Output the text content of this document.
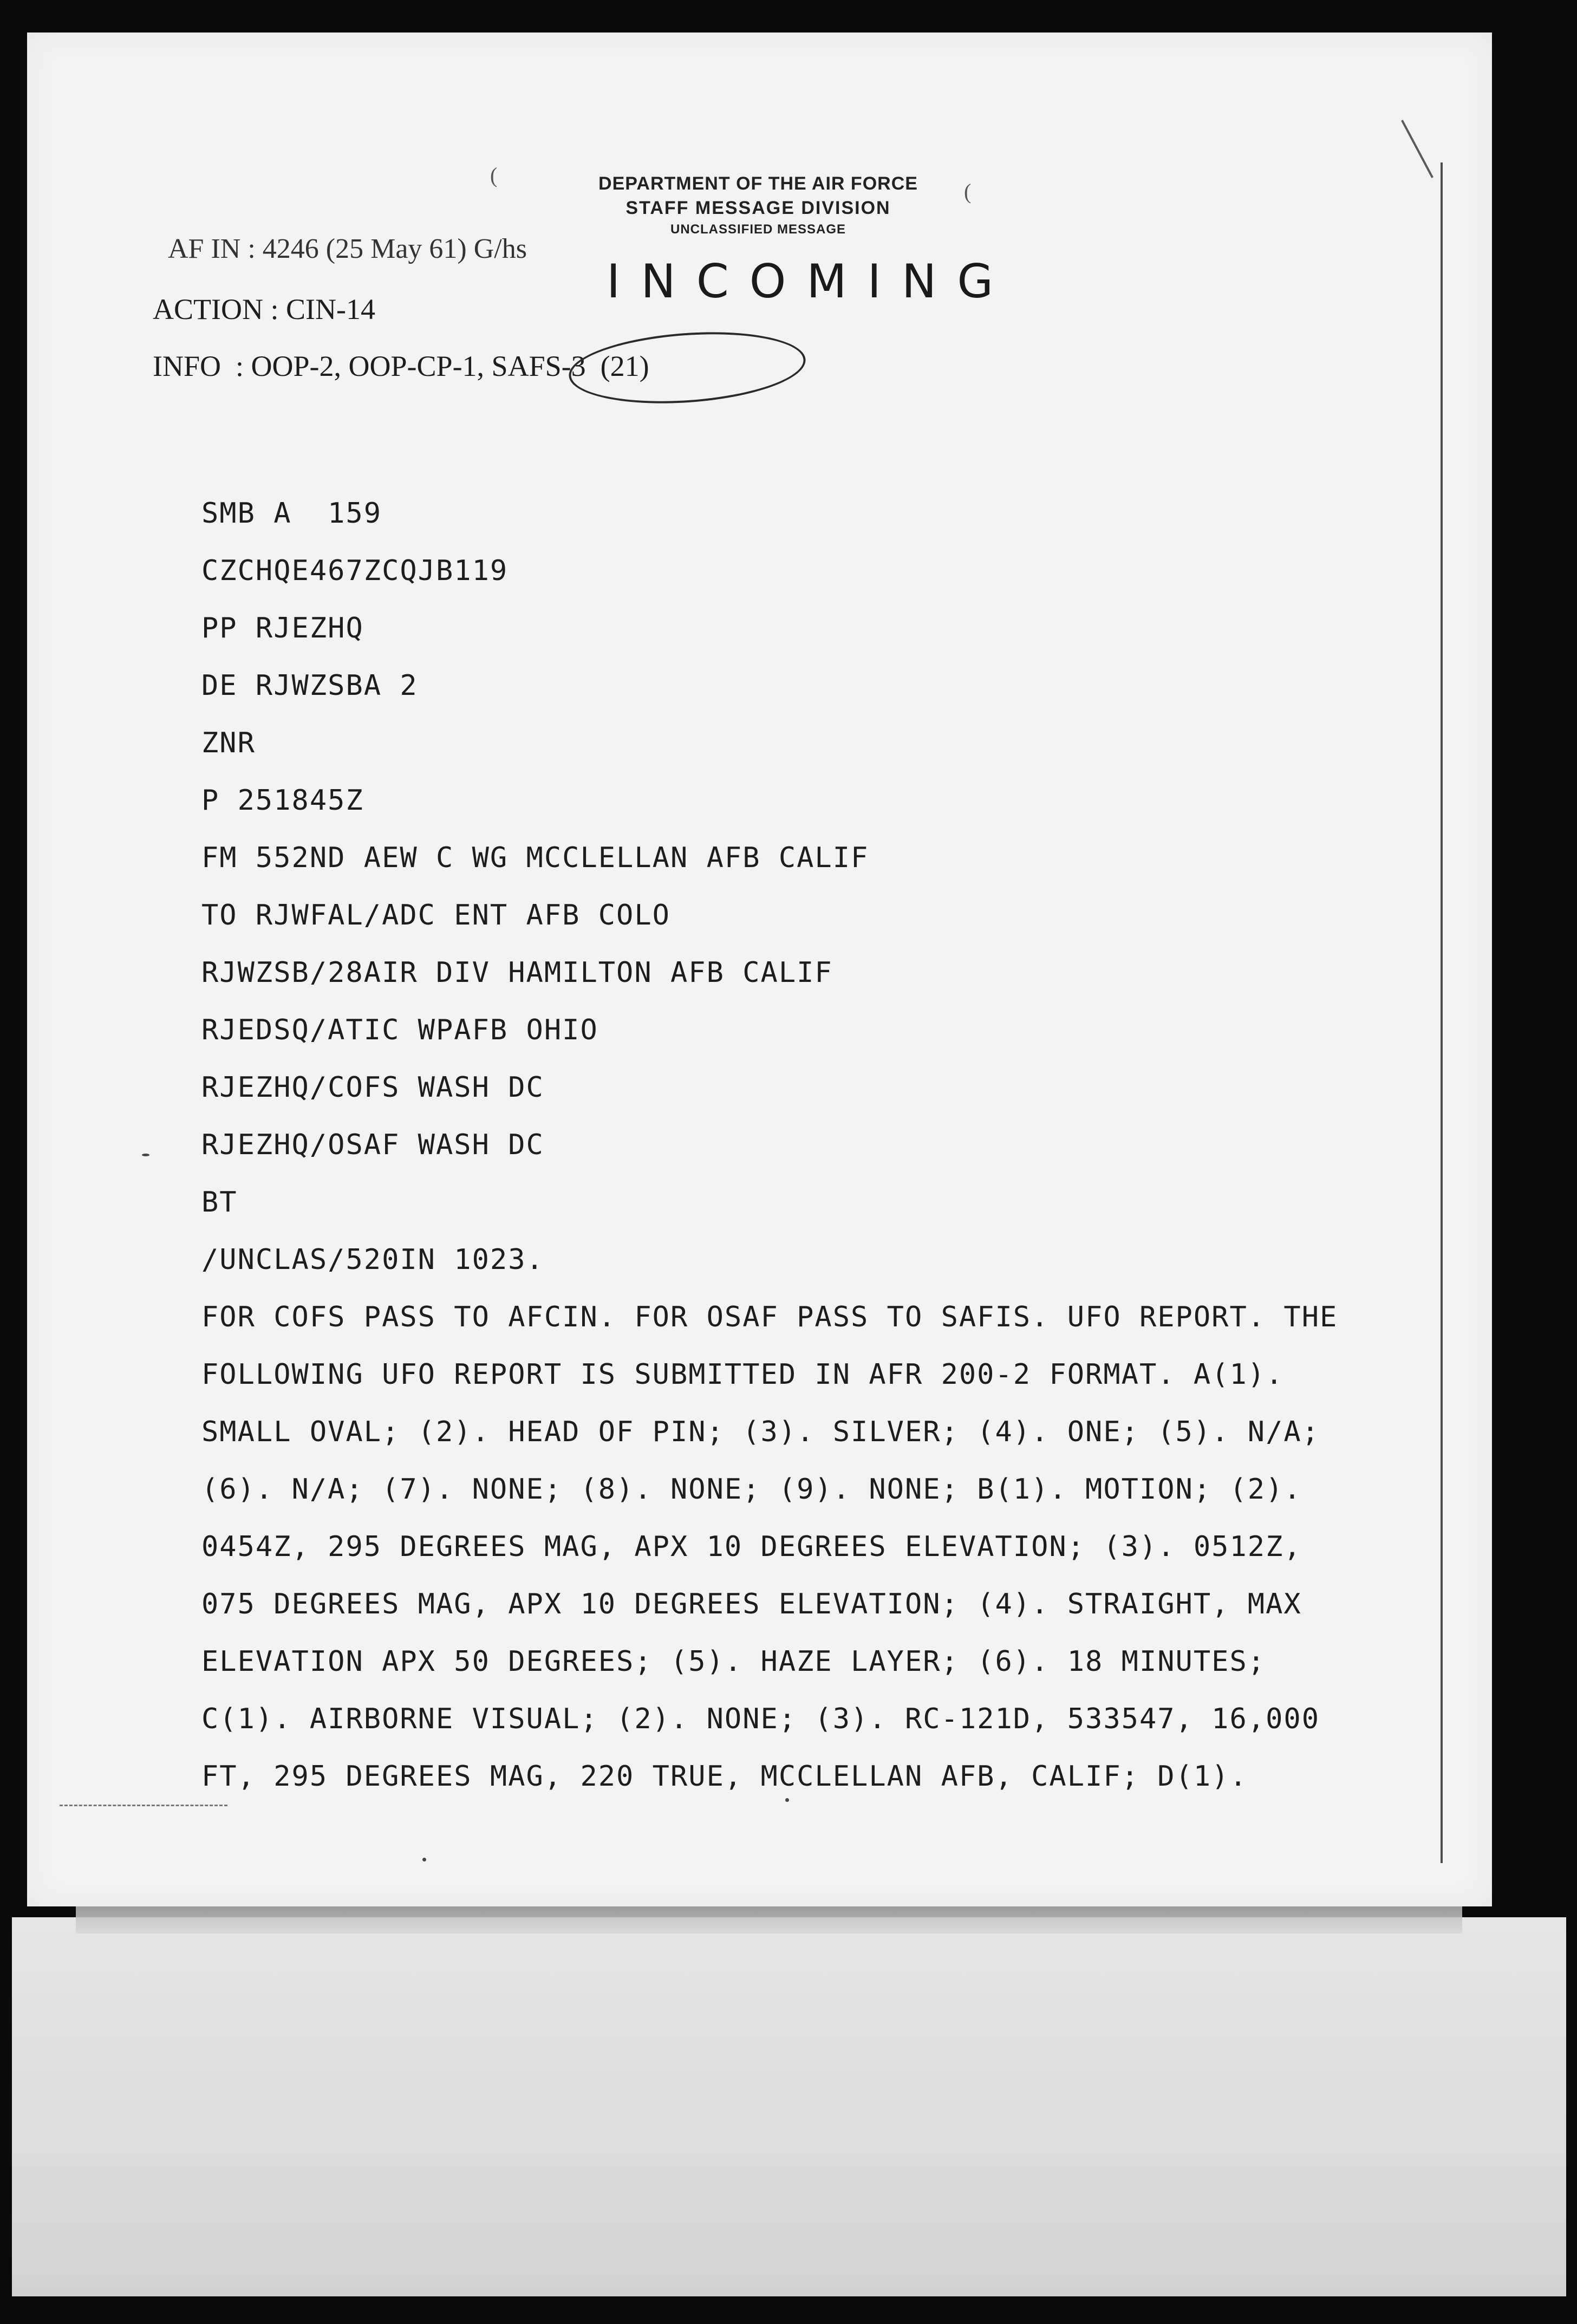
DEPARTMENT OF THE AIR FORCE
STAFF MESSAGE DIVISION
UNCLASSIFIED MESSAGE
INCOMING
AF IN : 4246 (25 May 61) G/hs
ACTION : CIN-14
INFO  : OOP-2, OOP-CP-1, SAFS-3  (21)
(
(
SMB A  159
CZCHQE467ZCQJB119
PP RJEZHQ
DE RJWZSBA 2
ZNR
P 251845Z
FM 552ND AEW C WG MCCLELLAN AFB CALIF
TO RJWFAL/ADC ENT AFB COLO
RJWZSB/28AIR DIV HAMILTON AFB CALIF
RJEDSQ/ATIC WPAFB OHIO
RJEZHQ/COFS WASH DC
RJEZHQ/OSAF WASH DC
BT
/UNCLAS/520IN 1023.
FOR COFS PASS TO AFCIN. FOR OSAF PASS TO SAFIS. UFO REPORT. THE
FOLLOWING UFO REPORT IS SUBMITTED IN AFR 200-2 FORMAT. A(1).
SMALL OVAL; (2). HEAD OF PIN; (3). SILVER; (4). ONE; (5). N/A;
(6). N/A; (7). NONE; (8). NONE; (9). NONE; B(1). MOTION; (2).
0454Z, 295 DEGREES MAG, APX 10 DEGREES ELEVATION; (3). 0512Z,
075 DEGREES MAG, APX 10 DEGREES ELEVATION; (4). STRAIGHT, MAX
ELEVATION APX 50 DEGREES; (5). HAZE LAYER; (6). 18 MINUTES;
C(1). AIRBORNE VISUAL; (2). NONE; (3). RC-121D, 533547, 16,000
FT, 295 DEGREES MAG, 220 TRUE, MCCLELLAN AFB, CALIF; D(1).
